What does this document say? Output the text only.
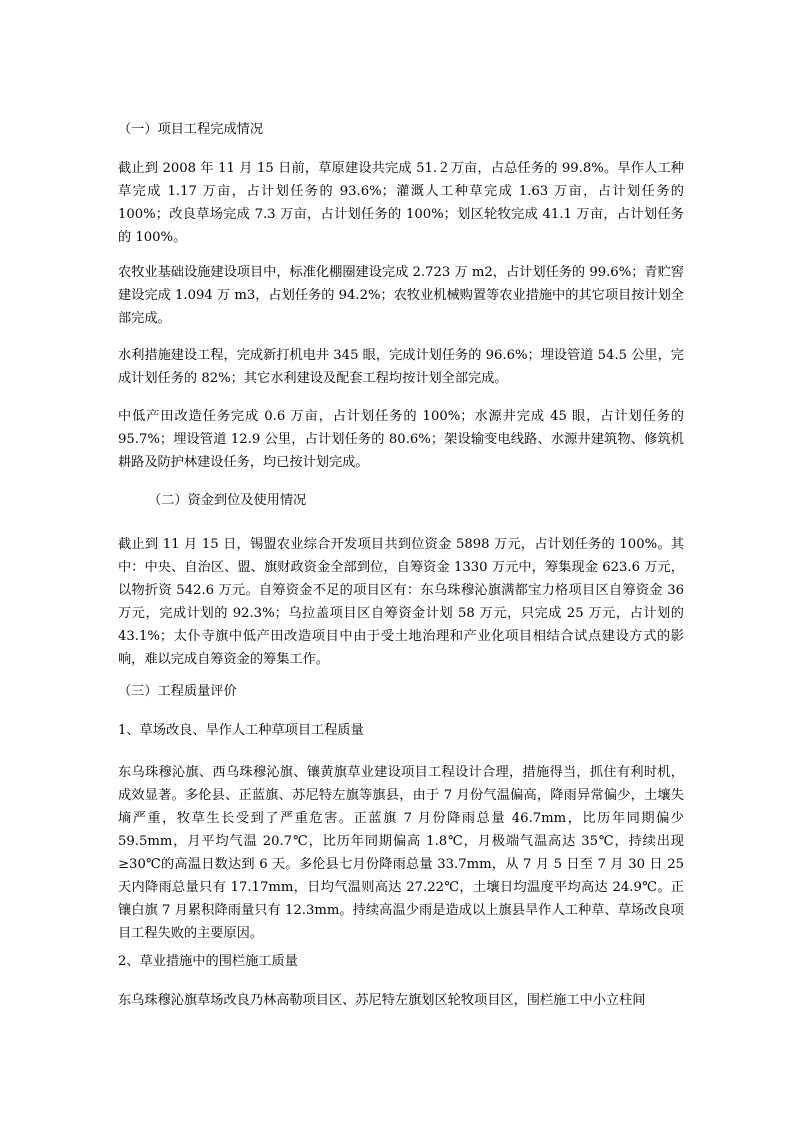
（一）项目工程完成情况

截止到 2008 年 11 月 15 日前，草原建设共完成 51.２万亩，占总任务的 99.8%。旱作人工种草完成 1.17 万亩，占计划任务的 93.6%；灌溉人工种草完成 1.63 万亩，占计划任务的 100%；改良草场完成 7.3 万亩，占计划任务的 100%；划区轮牧完成 41.1 万亩，占计划任务的 100%。

农牧业基础设施建设项目中，标准化棚圈建设完成 2.723 万 m2，占计划任务的 99.6%；青贮窖建设完成 1.094 万 m3，占划任务的 94.2%；农牧业机械购置等农业措施中的其它项目按计划全部完成。

水利措施建设工程，完成新打机电井 345 眼，完成计划任务的 96.6%；埋设管道 54.5 公里，完成计划任务的 82%；其它水利建设及配套工程均按计划全部完成。

中低产田改造任务完成 0.6 万亩，占计划任务的 100%；水源井完成 45 眼，占计划任务的 95.7%；埋设管道 12.9 公里，占计划任务的 80.6%；架设输变电线路、水源井建筑物、修筑机耕路及防护林建设任务，均已按计划完成。

（二）资金到位及使用情况

截止到 11 月 15 日，锡盟农业综合开发项目共到位资金 5898 万元，占计划任务的 100%。其中：中央、自治区、盟、旗财政资金全部到位，自筹资金 1330 万元中，筹集现金 623.6 万元，以物折资 542.6 万元。自筹资金不足的项目区有：东乌珠穆沁旗满都宝力格项目区自筹资金 36 万元，完成计划的 92.3%；乌拉盖项目区自筹资金计划 58 万元，只完成 25 万元，占计划的 43.1%；太仆寺旗中低产田改造项目中由于受土地治理和产业化项目相结合试点建设方式的影响，难以完成自筹资金的筹集工作。

（三）工程质量评价
1、草场改良、旱作人工种草项目工程质量

东乌珠穆沁旗、西乌珠穆沁旗、镶黄旗草业建设项目工程设计合理，措施得当，抓住有利时机，成效显著。多伦县、正蓝旗、苏尼特左旗等旗县，由于 7 月份气温偏高，降雨异常偏少，土壤失墒严重，牧草生长受到了严重危害。正蓝旗 7 月份降雨总量 46.7mm，比历年同期偏少 59.5mm，月平均气温 20.7℃，比历年同期偏高 1.8℃，月极端气温高达 35℃，持续出现≥30℃的高温日数达到 6 天。多伦县七月份降雨总量 33.7mm，从 7 月 5 日至 7 月 30 日 25 天内降雨总量只有 17.17mm，日均气温则高达 27.22℃，土壤日均温度平均高达 24.9℃。正镶白旗 7 月累积降雨量只有 12.3mm。持续高温少雨是造成以上旗县旱作人工种草、草场改良项目工程失败的主要原因。

2、草业措施中的围栏施工质量

东乌珠穆沁旗草场改良乃林高勒项目区、苏尼特左旗划区轮牧项目区，围栏施工中小立柱间
